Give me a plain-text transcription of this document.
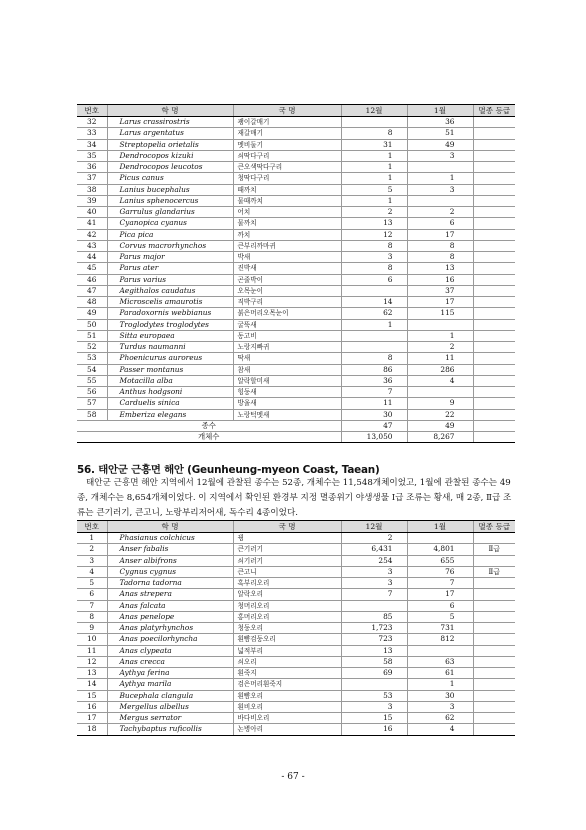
번호	학 명	국 명	12월	1월	멸종 등급
32	Larus crassirostris	괭이갈매기		36	
33	Larus argentatus	재갈매기	8	51	
34	Streptopelia orietalis	멧비둘기	31	49	
35	Dendrocopos kizuki	쇠딱다구리	1	3	
36	Dendrocopos leucotos	큰오색딱다구리	1		
37	Picus canus	청딱다구리	1	1	
38	Lanius bucephalus	때까치	5	3	
39	Lanius sphenocercus	물때까치	1		
40	Garrulus glandarius	어치	2	2	
41	Cyanopica cyanus	물까치	13	6	
42	Pica pica	까치	12	17	
43	Corvus macrorhynchos	큰부리까마귀	8	8	
44	Parus major	박새	3	8	
45	Parus ater	진박새	8	13	
46	Parus varius	곤줄박이	6	16	
47	Aegithalos caudatus	오목눈이		37	
48	Microscelis amaurotis	직박구리	14	17	
49	Paradoxornis webbianus	붉은머리오목눈이	62	115	
50	Troglodytes troglodytes	굴뚝새	1		
51	Sitta europaea	동고비		1	
52	Turdus naumanni	노랑지빠귀		2	
53	Phoenicurus auroreus	딱새	8	11	
54	Passer montanus	참새	86	286	
55	Motacilla alba	알락할미새	36	4	
56	Anthus hodgsoni	힝둥새	7		
57	Carduelis sinica	방울새	11	9	
58	Emberiza elegans	노랑턱멧새	30	22	
종수			47	49	
개체수			13,050	8,267	
56. 태안군 근흥면 해안 (Geunheung-myeon Coast, Taean)
태안군 근흥면 해안 지역에서 12월에 관찰된 종수는 52종, 개체수는 11,548개체이었고, 1월에 관찰된 종수는 49종, 개체수는 8,654개체이었다. 이 지역에서 확인된 환경부 지정 멸종위기 야생생물 Ⅰ급 조류는 황새, 매 2종, Ⅱ급 조류는 큰기러기, 큰고니, 노랑부리저어새, 독수리 4종이었다.
번호	학 명	국 명	12월	1월	멸종 등급
1	Phasianus colchicus	꿩	2		
2	Anser fabalis	큰기러기	6,431	4,801	Ⅱ급
3	Anser albifrons	쇠기러기	254	655	
4	Cygnus cygnus	큰고니	3	76	Ⅱ급
5	Tadorna tadorna	혹부리오리	3	7	
6	Anas strepera	알락오리	7	17	
7	Anas falcata	청머리오리		6	
8	Anas penelope	홍머리오리	85	5	
9	Anas platyrhynchos	청둥오리	1,723	731	
10	Anas poecilorhyncha	흰뺨검둥오리	723	812	
11	Anas clypeata	넓적부리	13		
12	Anas crecca	쇠오리	58	63	
13	Aythya ferina	흰죽지	69	61	
14	Aythya marila	검은머리흰죽지		1	
15	Bucephala clangula	흰뺨오리	53	30	
16	Mergellus albellus	흰비오리	3	3	
17	Mergus serrator	바다비오리	15	62	
18	Tachybaptus ruficollis	논병아리	16	4	
- 67 -
